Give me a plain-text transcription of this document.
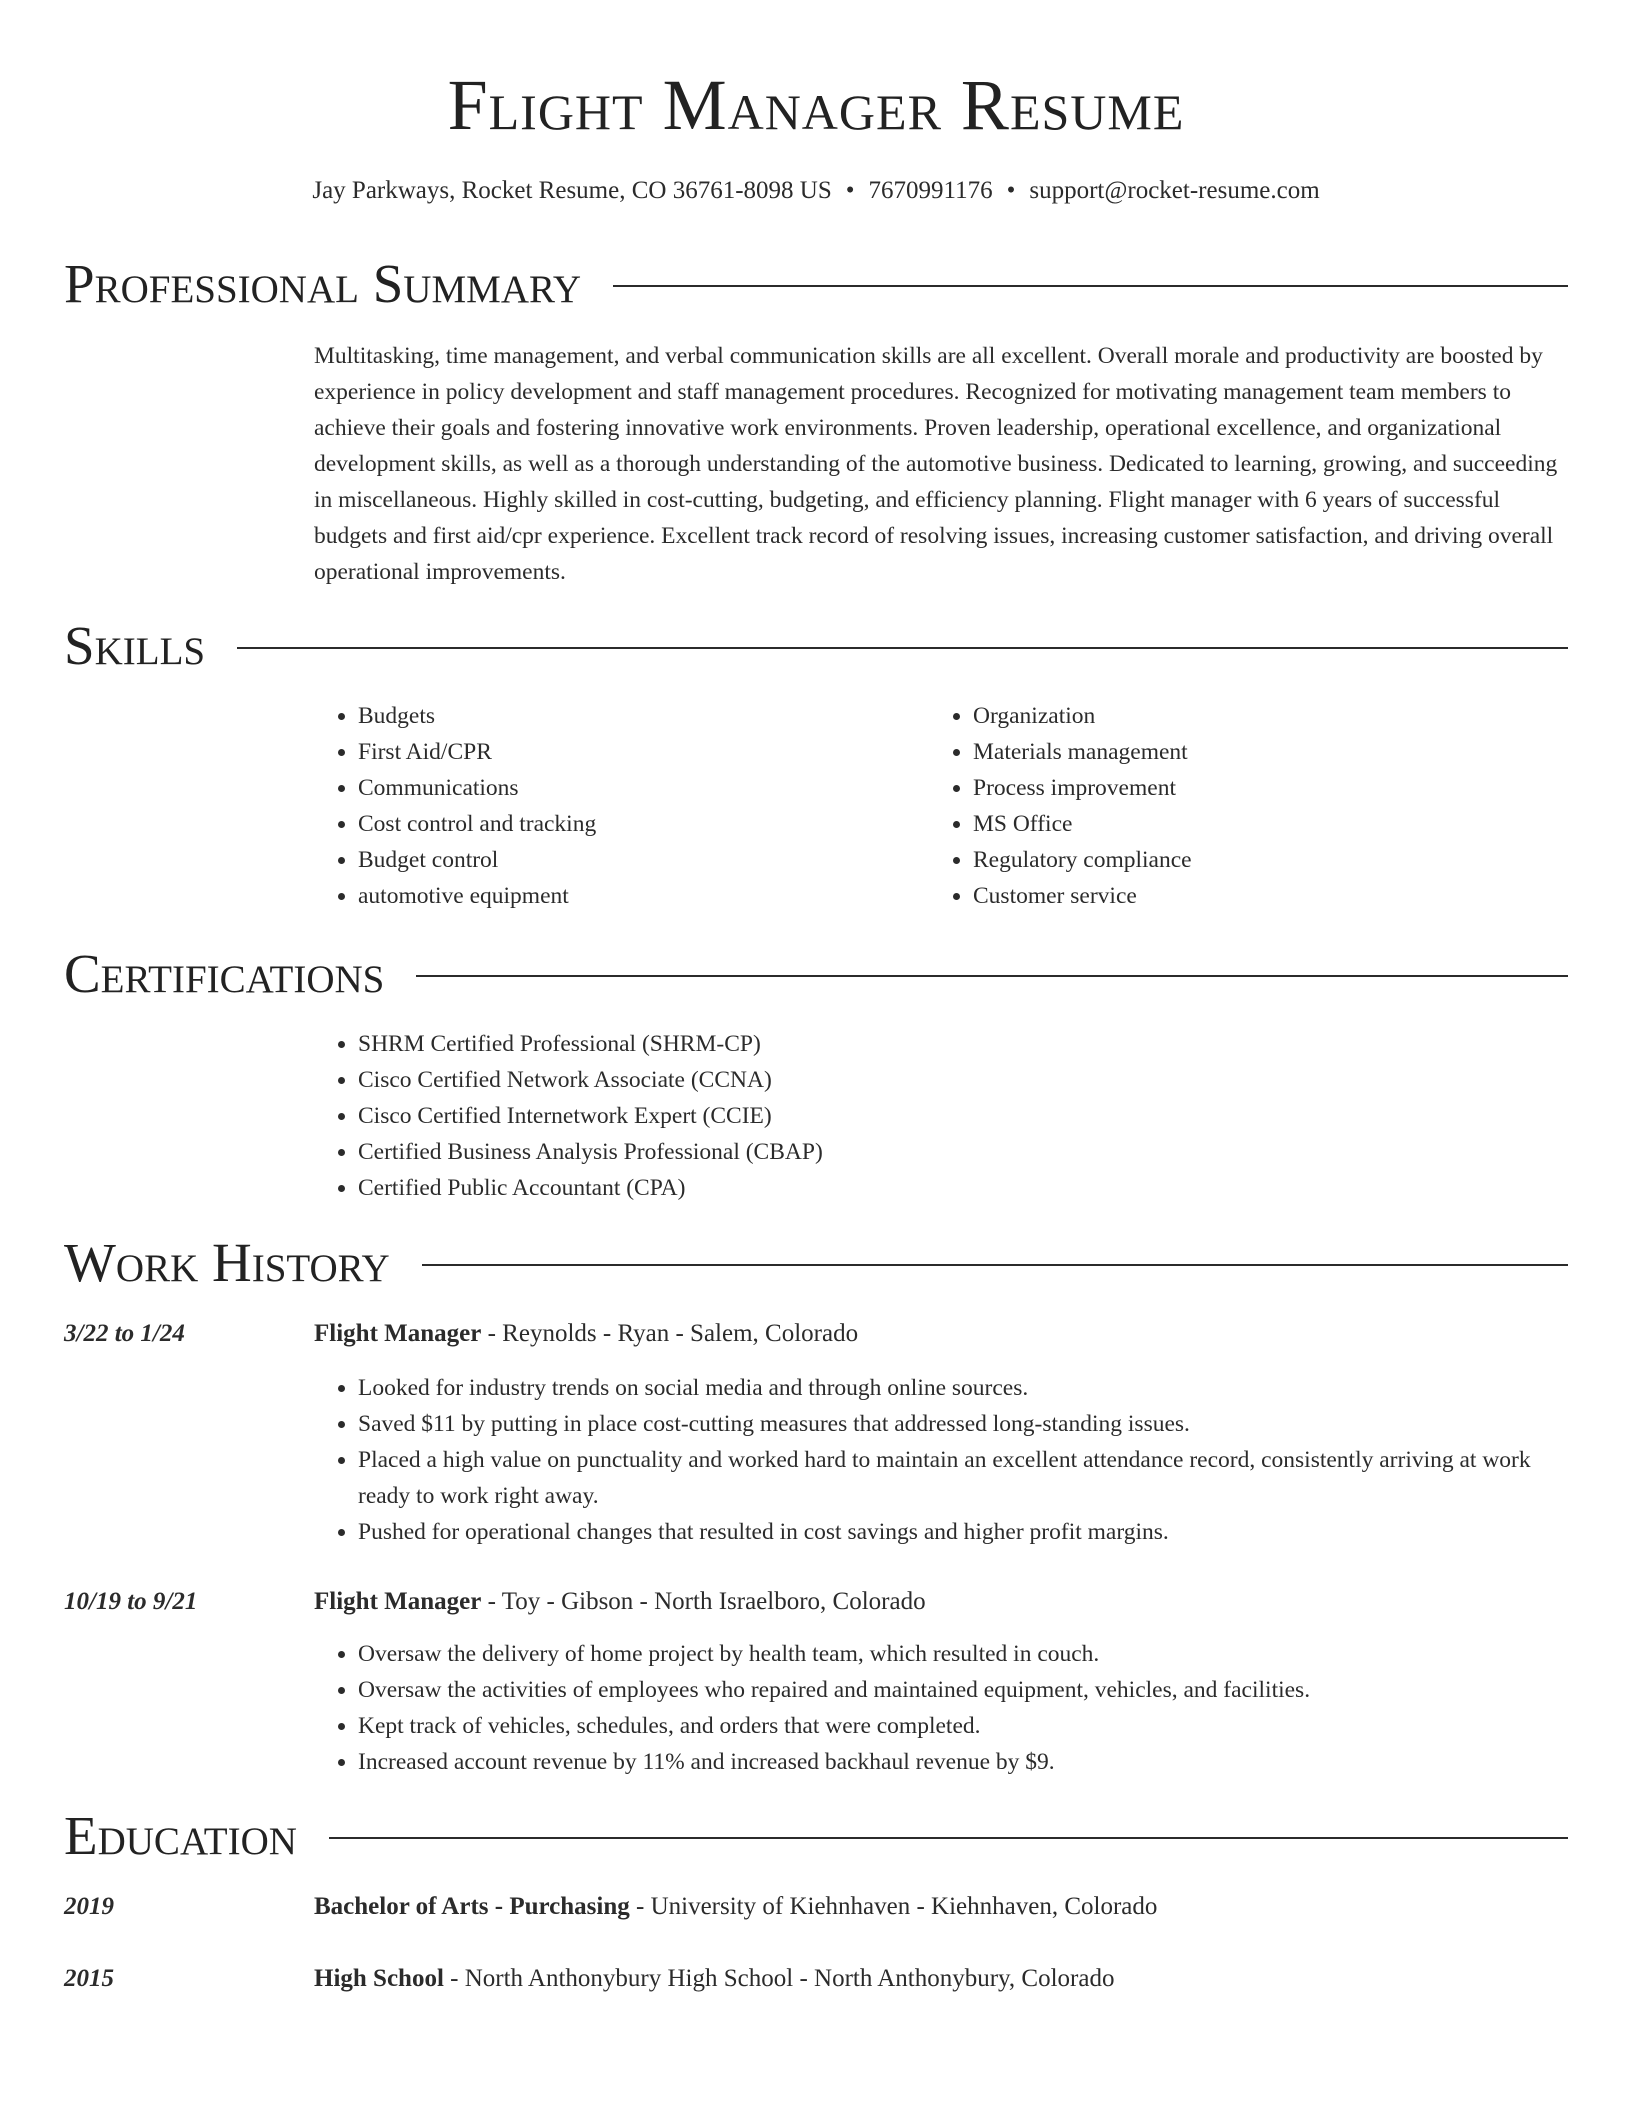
Flight Manager Resume
Jay Parkways, Rocket Resume, CO 36761-8098 US • 7670991176 • support@rocket-resume.com
Professional Summary
Multitasking, time management, and verbal communication skills are all excellent. Overall morale and productivity are boosted by experience in policy development and staff management procedures. Recognized for motivating management team members to achieve their goals and fostering innovative work environments. Proven leadership, operational excellence, and organizational development skills, as well as a thorough understanding of the automotive business. Dedicated to learning, growing, and succeeding in miscellaneous. Highly skilled in cost-cutting, budgeting, and efficiency planning. Flight manager with 6 years of successful budgets and first aid/cpr experience. Excellent track record of resolving issues, increasing customer satisfaction, and driving overall operational improvements.
Skills
• Budgets
• First Aid/CPR
• Communications
• Cost control and tracking
• Budget control
• automotive equipment
• Organization
• Materials management
• Process improvement
• MS Office
• Regulatory compliance
• Customer service
Certifications
• SHRM Certified Professional (SHRM-CP)
• Cisco Certified Network Associate (CCNA)
• Cisco Certified Internetwork Expert (CCIE)
• Certified Business Analysis Professional (CBAP)
• Certified Public Accountant (CPA)
Work History
3/22 to 1/24	Flight Manager - Reynolds - Ryan - Salem, Colorado
• Looked for industry trends on social media and through online sources.
• Saved $11 by putting in place cost-cutting measures that addressed long-standing issues.
• Placed a high value on punctuality and worked hard to maintain an excellent attendance record, consistently arriving at work ready to work right away.
• Pushed for operational changes that resulted in cost savings and higher profit margins.
10/19 to 9/21	Flight Manager - Toy - Gibson - North Israelboro, Colorado
• Oversaw the delivery of home project by health team, which resulted in couch.
• Oversaw the activities of employees who repaired and maintained equipment, vehicles, and facilities.
• Kept track of vehicles, schedules, and orders that were completed.
• Increased account revenue by 11% and increased backhaul revenue by $9.
Education
2019	Bachelor of Arts - Purchasing - University of Kiehnhaven - Kiehnhaven, Colorado
2015	High School - North Anthonybury High School - North Anthonybury, Colorado
